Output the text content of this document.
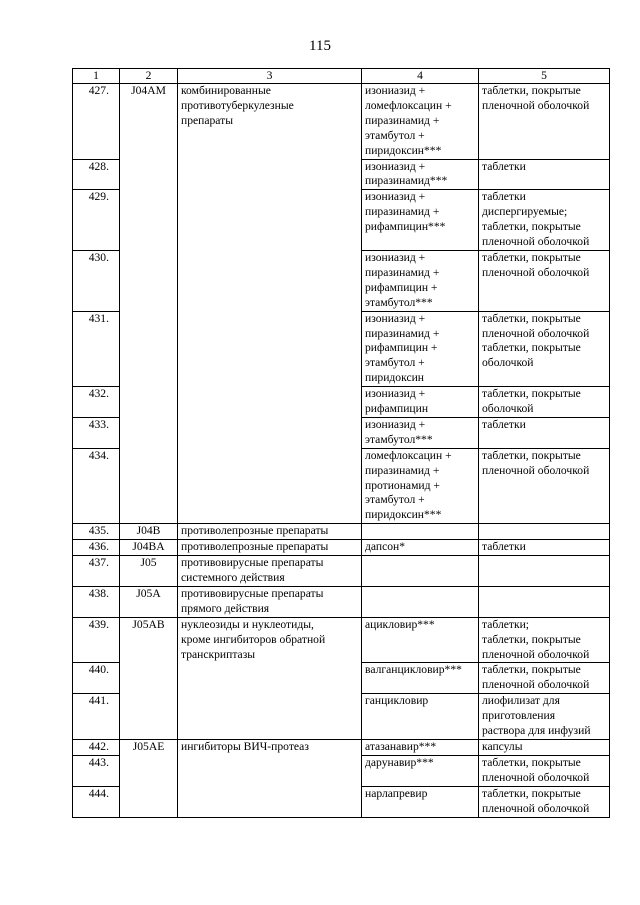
115
1	2	3	4	5
427.	J04AM	комбинированные
противотуберкулезные
препараты	изониазид +
ломефлоксацин +
пиразинамид +
этамбутол +
пиридоксин***	таблетки, покрытые
пленочной оболочкой

428.			изониазид +
пиразинамид***	таблетки

429.			изониазид +
пиразинамид +
рифампицин***	таблетки
диспергируемые;
таблетки, покрытые
пленочной оболочкой

430.			изониазид +
пиразинамид +
рифампицин +
этамбутол***	таблетки, покрытые
пленочной оболочкой

431.			изониазид +
пиразинамид +
рифампицин +
этамбутол +
пиридоксин	таблетки, покрытые
пленочной оболочкой
таблетки, покрытые
оболочкой

432.			изониазид +
рифампицин	таблетки, покрытые
оболочкой

433.			изониазид +
этамбутол***	таблетки

434.			ломефлоксацин +
пиразинамид +
протионамид +
этамбутол +
пиридоксин***	таблетки, покрытые
пленочной оболочкой

435.	J04B	противолепрозные препараты		

436.	J04BA	противолепрозные препараты	дапсон*	таблетки

437.	J05	противовирусные препараты
системного действия		

438.	J05A	противовирусные препараты
прямого действия		

439.	J05AB	нуклеозиды и нуклеотиды,
кроме ингибиторов обратной
транскриптазы	ацикловир***	таблетки;
таблетки, покрытые
пленочной оболочкой

440.			валганцикловир***	таблетки, покрытые
пленочной оболочкой

441.			ганцикловир	лиофилизат для
приготовления
раствора для инфузий

442.	J05AE	ингибиторы ВИЧ-протеаз	атазанавир***	капсулы

443.			дарунавир***	таблетки, покрытые
пленочной оболочкой

444.			нарлапревир	таблетки, покрытые
пленочной оболочкой
